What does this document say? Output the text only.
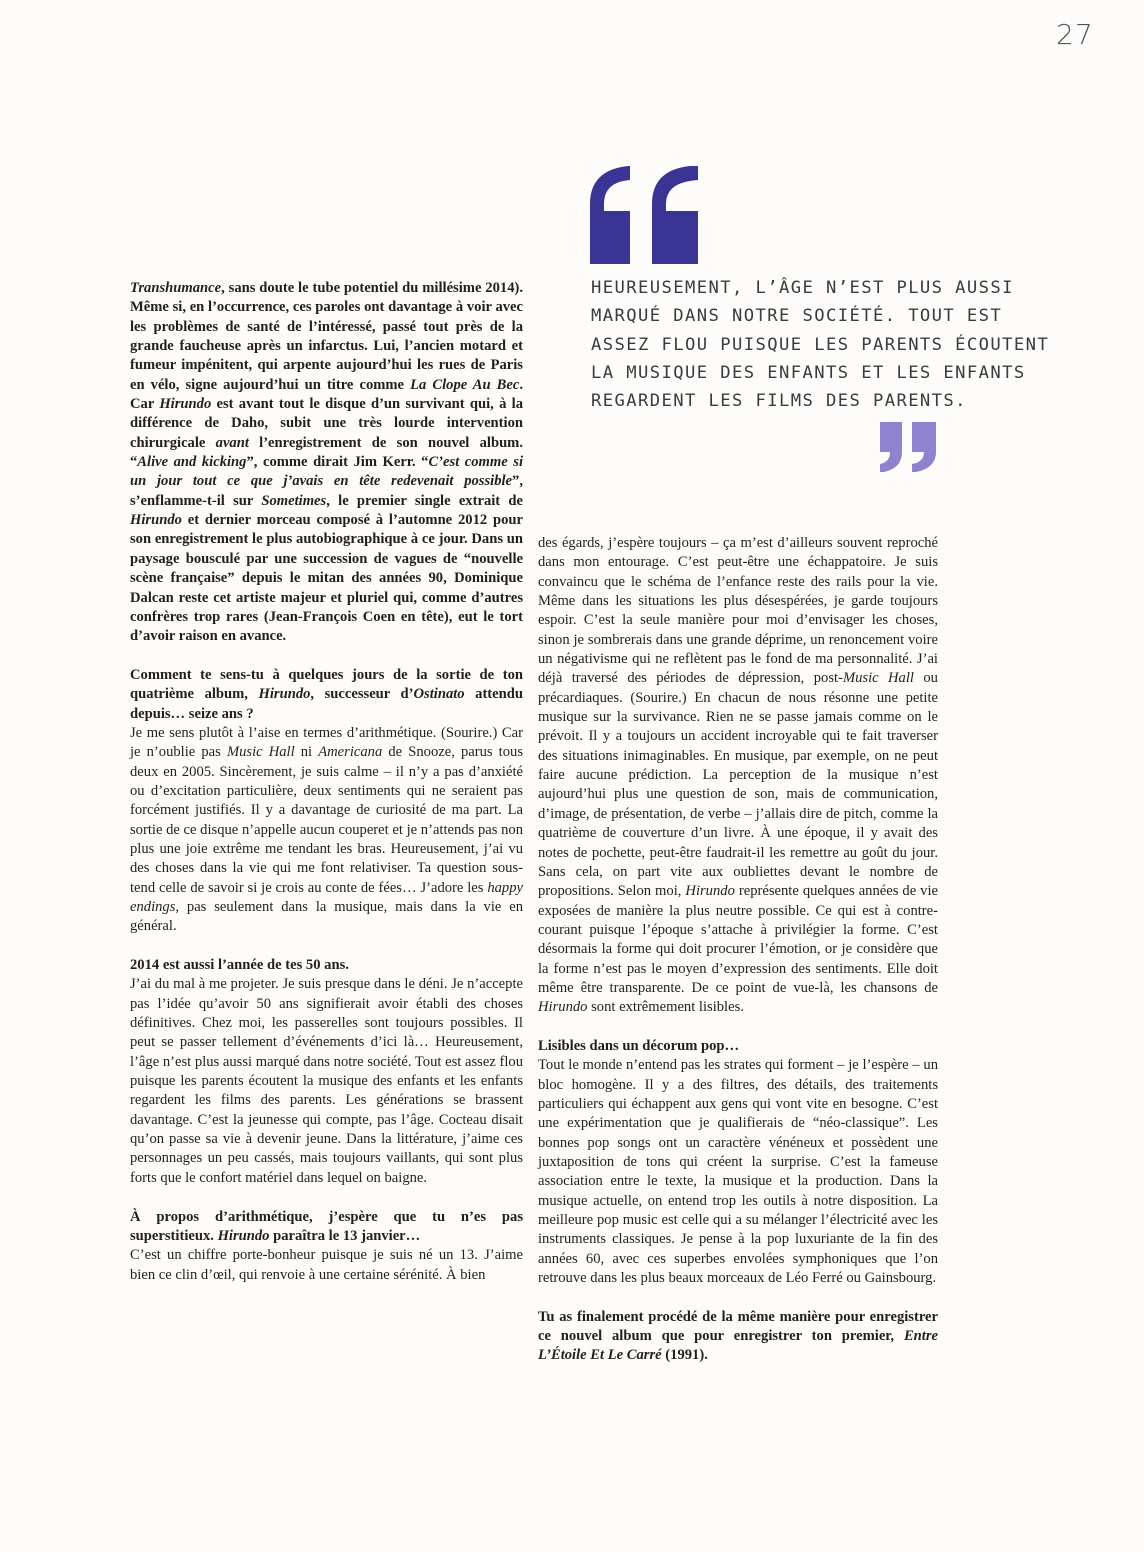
27
HEUREUSEMENT, L’ÂGE N’EST PLUS AUSSI
MARQUÉ DANS NOTRE SOCIÉTÉ. TOUT EST
ASSEZ FLOU PUISQUE LES PARENTS ÉCOUTENT
LA MUSIQUE DES ENFANTS ET LES ENFANTS
REGARDENT LES FILMS DES PARENTS.

Transhumance, sans doute le tube potentiel du millésime 2014). Même si, en l’occurrence, ces paroles ont davantage à voir avec les problèmes de santé de l’intéressé, passé tout près de la grande faucheuse après un infarctus. Lui, l’ancien motard et fumeur impénitent, qui arpente aujourd’hui les rues de Paris en vélo, signe aujourd’hui un titre comme La Clope Au Bec. Car Hirundo est avant tout le disque d’un survivant qui, à la différence de Daho, subit une très lourde intervention chirurgicale avant l’enregistrement de son nouvel album. “Alive and kicking”, comme dirait Jim Kerr. “C’est comme si un jour tout ce que j’avais en tête redevenait possible”, s’enflamme-t-il sur Sometimes, le premier single extrait de Hirundo et dernier morceau composé à l’automne 2012 pour son enregistrement le plus autobiographique à ce jour. Dans un paysage bousculé par une succession de vagues de “nouvelle scène française” depuis le mitan des années 90, Dominique Dalcan reste cet artiste majeur et pluriel qui, comme d’autres confrères trop rares (Jean-François Coen en tête), eut le tort d’avoir raison en avance.

Comment te sens-tu à quelques jours de la sortie de ton quatrième album, Hirundo, successeur d’Ostinato attendu depuis… seize ans ?

Je me sens plutôt à l’aise en termes d’arithmétique. (Sourire.) Car je n’oublie pas Music Hall ni Americana de Snooze, parus tous deux en 2005. Sincèrement, je suis calme – il n’y a pas d’anxiété ou d’excitation particulière, deux sentiments qui ne seraient pas forcément justifiés. Il y a davantage de curiosité de ma part. La sortie de ce disque n’appelle aucun couperet et je n’attends pas non plus une joie extrême me tendant les bras. Heureusement, j’ai vu des choses dans la vie qui me font relativiser. Ta question sous-tend celle de savoir si je crois au conte de fées… J’adore les happy endings, pas seulement dans la musique, mais dans la vie en général.

2014 est aussi l’année de tes 50 ans.

J’ai du mal à me projeter. Je suis presque dans le déni. Je n’accepte pas l’idée qu’avoir 50 ans signifierait avoir établi des choses définitives. Chez moi, les passerelles sont toujours possibles. Il peut se passer tellement d’événements d’ici là… Heureusement, l’âge n’est plus aussi marqué dans notre société. Tout est assez flou puisque les parents écoutent la musique des enfants et les enfants regardent les films des parents. Les générations se brassent davantage. C’est la jeunesse qui compte, pas l’âge. Cocteau disait qu’on passe sa vie à devenir jeune. Dans la littérature, j’aime ces personnages un peu cassés, mais toujours vaillants, qui sont plus forts que le confort matériel dans lequel on baigne.

À propos d’arithmétique, j’espère que tu n’es pas superstitieux. Hirundo paraîtra le 13 janvier…

C’est un chiffre porte-bonheur puisque je suis né un 13. J’aime bien ce clin d’œil, qui renvoie à une certaine sérénité. À bien

des égards, j’espère toujours – ça m’est d’ailleurs souvent reproché dans mon entourage. C’est peut-être une échappatoire. Je suis convaincu que le schéma de l’enfance reste des rails pour la vie. Même dans les situations les plus désespérées, je garde toujours espoir. C’est la seule manière pour moi d’envisager les choses, sinon je sombrerais dans une grande déprime, un renoncement voire un négativisme qui ne reflètent pas le fond de ma personnalité. J’ai déjà traversé des périodes de dépression, post-Music Hall ou précardiaques. (Sourire.) En chacun de nous résonne une petite musique sur la survivance. Rien ne se passe jamais comme on le prévoit. Il y a toujours un accident incroyable qui te fait traverser des situations inimaginables. En musique, par exemple, on ne peut faire aucune prédiction. La perception de la musique n’est aujourd’hui plus une question de son, mais de communication, d’image, de présentation, de verbe – j’allais dire de pitch, comme la quatrième de couverture d’un livre. À une époque, il y avait des notes de pochette, peut-être faudrait-il les remettre au goût du jour. Sans cela, on part vite aux oubliettes devant le nombre de propositions. Selon moi, Hirundo représente quelques années de vie exposées de manière la plus neutre possible. Ce qui est à contre-courant puisque l’époque s’attache à privilégier la forme. C’est désormais la forme qui doit procurer l’émotion, or je considère que la forme n’est pas le moyen d’expression des sentiments. Elle doit même être transparente. De ce point de vue-là, les chansons de Hirundo sont extrêmement lisibles.

Lisibles dans un décorum pop…

Tout le monde n’entend pas les strates qui forment – je l’espère – un bloc homogène. Il y a des filtres, des détails, des traitements particuliers qui échappent aux gens qui vont vite en besogne. C’est une expérimentation que je qualifierais de “néo-classique”. Les bonnes pop songs ont un caractère vénéneux et possèdent une juxtaposition de tons qui créent la surprise. C’est la fameuse association entre le texte, la musique et la production. Dans la musique actuelle, on entend trop les outils à notre disposition. La meilleure pop music est celle qui a su mélanger l’électricité avec les instruments classiques. Je pense à la pop luxuriante de la fin des années 60, avec ces superbes envolées symphoniques que l’on retrouve dans les plus beaux morceaux de Léo Ferré ou Gainsbourg.

Tu as finalement procédé de la même manière pour enregistrer ce nouvel album que pour enregistrer ton premier, Entre L’Étoile Et Le Carré (1991).
